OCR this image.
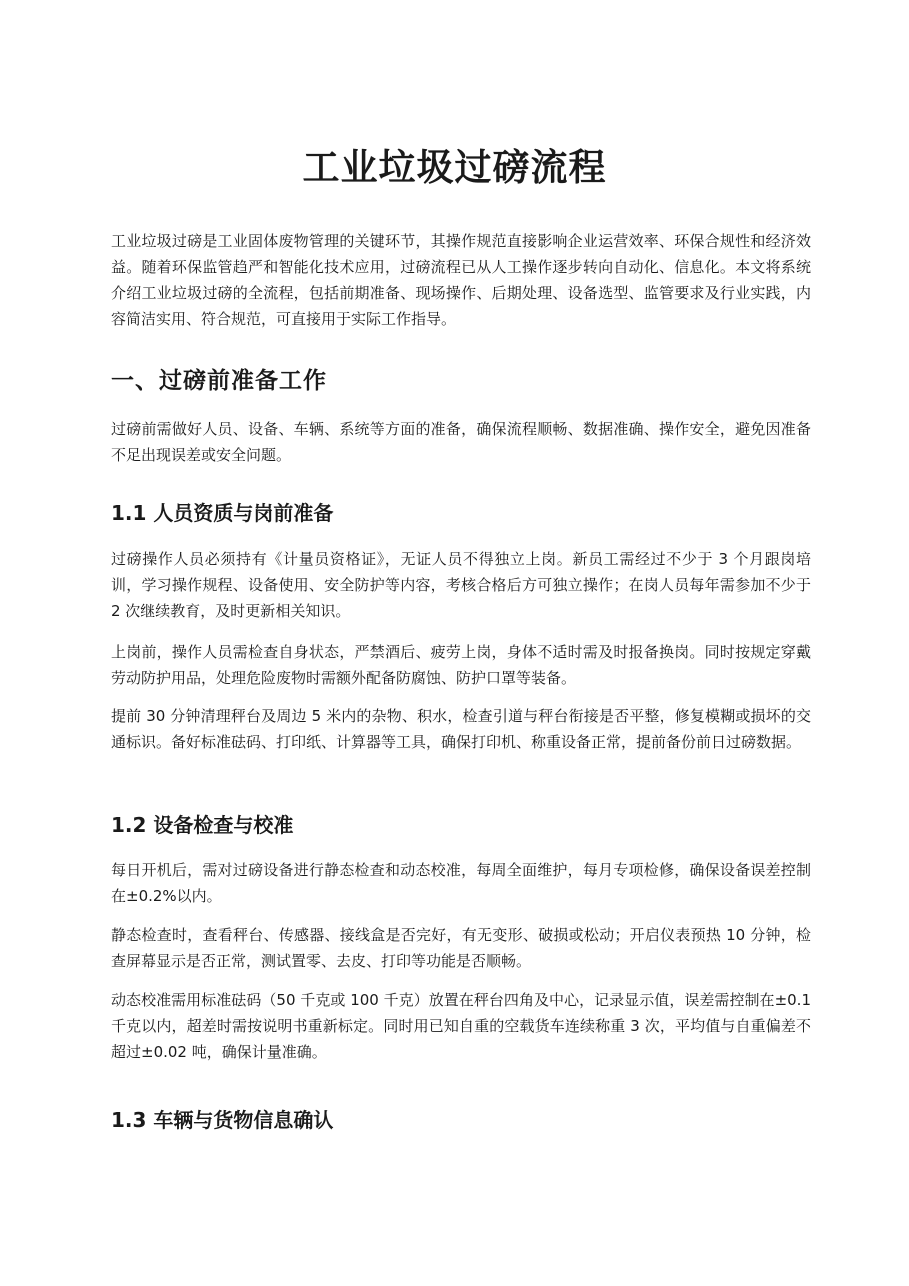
工业垃圾过磅流程

工业垃圾过磅是工业固体废物管理的关键环节，其操作规范直接影响企业运营效率、环保合规性和经济效益。随着环保监管趋严和智能化技术应用，过磅流程已从人工操作逐步转向自动化、信息化。本文将系统介绍工业垃圾过磅的全流程，包括前期准备、现场操作、后期处理、设备选型、监管要求及行业实践，内容简洁实用、符合规范，可直接用于实际工作指导。

一、过磅前准备工作

过磅前需做好人员、设备、车辆、系统等方面的准备，确保流程顺畅、数据准确、操作安全，避免因准备不足出现误差或安全问题。

1.1 人员资质与岗前准备

过磅操作人员必须持有《计量员资格证》，无证人员不得独立上岗。新员工需经过不少于 3 个月跟岗培训，学习操作规程、设备使用、安全防护等内容，考核合格后方可独立操作；在岗人员每年需参加不少于 2 次继续教育，及时更新相关知识。

上岗前，操作人员需检查自身状态，严禁酒后、疲劳上岗，身体不适时需及时报备换岗。同时按规定穿戴劳动防护用品，处理危险废物时需额外配备防腐蚀、防护口罩等装备。

提前 30 分钟清理秤台及周边 5 米内的杂物、积水，检查引道与秤台衔接是否平整，修复模糊或损坏的交通标识。备好标准砝码、打印纸、计算器等工具，确保打印机、称重设备正常，提前备份前日过磅数据。

1.2 设备检查与校准

每日开机后，需对过磅设备进行静态检查和动态校准，每周全面维护，每月专项检修，确保设备误差控制在±0.2%以内。

静态检查时，查看秤台、传感器、接线盒是否完好，有无变形、破损或松动；开启仪表预热 10 分钟，检查屏幕显示是否正常，测试置零、去皮、打印等功能是否顺畅。

动态校准需用标准砝码（50 千克或 100 千克）放置在秤台四角及中心，记录显示值，误差需控制在±0.1 千克以内，超差时需按说明书重新标定。同时用已知自重的空载货车连续称重 3 次，平均值与自重偏差不超过±0.02 吨，确保计量准确。

1.3 车辆与货物信息确认
